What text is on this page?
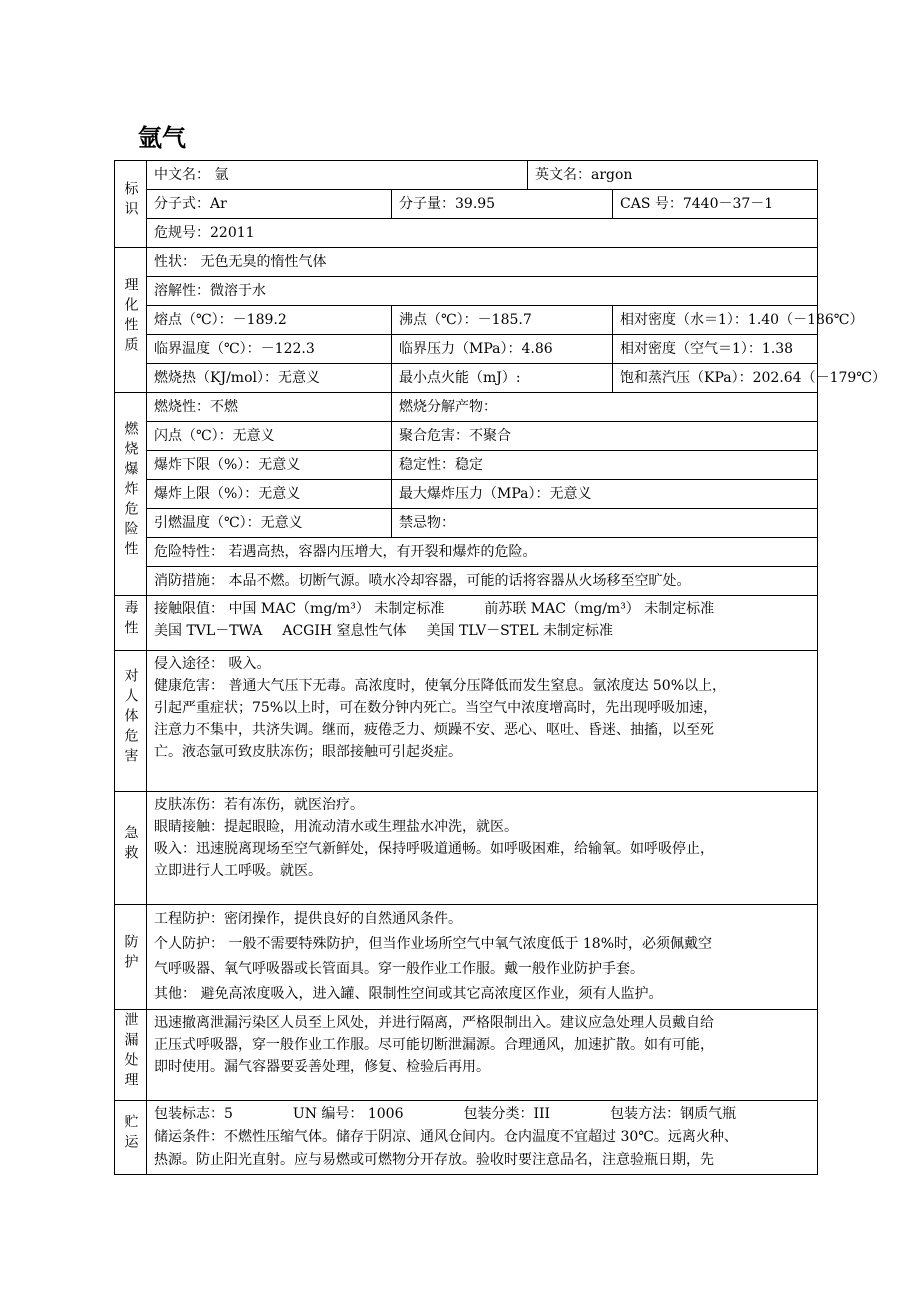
氩气
标识	中文名： 氩		英文名：argon	
	分子式：Ar	分子量：39.95		CAS 号：7440－37－1
	危规号：22011			
理化性质	性状： 无色无臭的惰性气体			
	溶解性：微溶于水			
	熔点（℃）：－189.2	沸点（℃）：－185.7		相对密度（水＝1）：1.40（－186℃）
	临界温度（℃）：－122.3	临界压力（MPa）：4.86		相对密度（空气＝1）：1.38
	燃烧热（KJ/mol）：无意义	最小点火能（mJ）:		饱和蒸汽压（KPa）：202.64（－179℃）
燃烧爆炸危险性	燃烧性：不燃	燃烧分解产物：		
	闪点（℃）：无意义	聚合危害：不聚合		
	爆炸下限（%）：无意义	稳定性：稳定		
	爆炸上限（%）：无意义	最大爆炸压力（MPa）：无意义		
	引燃温度（℃）：无意义	禁忌物：		
	危险特性： 若遇高热，容器内压增大，有开裂和爆炸的危险。			
	消防措施： 本品不燃。切断气源。喷水冷却容器，可能的话将容器从火场移至空旷处。			
毒性	接触限值： 中国 MAC（mg/m³） 未制定标准 前苏联 MAC（mg/m³） 未制定标准
美国 TVL－TWA ACGIH 窒息性气体 美国 TLV－STEL 未制定标准			

对人体危害	侵入途径： 吸入。
健康危害： 普通大气压下无毒。高浓度时，使氧分压降低而发生窒息。氩浓度达 50%以上，
引起严重症状；75%以上时，可在数分钟内死亡。当空气中浓度增高时，先出现呼吸加速，
注意力不集中，共济失调。继而，疲倦乏力、烦躁不安、恶心、呕吐、昏迷、抽搐，以至死
亡。液态氩可致皮肤冻伤；眼部接触可引起炎症。			

急救	皮肤冻伤：若有冻伤，就医治疗。
眼睛接触：提起眼睑，用流动清水或生理盐水冲洗，就医。
吸入：迅速脱离现场至空气新鲜处，保持呼吸道通畅。如呼吸困难，给输氧。如呼吸停止，
立即进行人工呼吸。就医。			

防护	工程防护：密闭操作，提供良好的自然通风条件。
个人防护： 一般不需要特殊防护，但当作业场所空气中氧气浓度低于 18%时，必须佩戴空
气呼吸器、氧气呼吸器或长管面具。穿一般作业工作服。戴一般作业防护手套。
其他： 避免高浓度吸入，进入罐、限制性空间或其它高浓度区作业，须有人监护。			

泄漏处理	迅速撤离泄漏污染区人员至上风处，并进行隔离，严格限制出入。建议应急处理人员戴自给
正压式呼吸器，穿一般作业工作服。尽可能切断泄漏源。合理通风，加速扩散。如有可能，
即时使用。漏气容器要妥善处理，修复、检验后再用。			

贮运	包装标志：5 UN 编号： 1006 包装分类：III 包装方法：钢质气瓶
储运条件：不燃性压缩气体。储存于阴凉、通风仓间内。仓内温度不宜超过 30℃。远离火种、
热源。防止阳光直射。应与易燃或可燃物分开存放。验收时要注意品名，注意验瓶日期，先			
